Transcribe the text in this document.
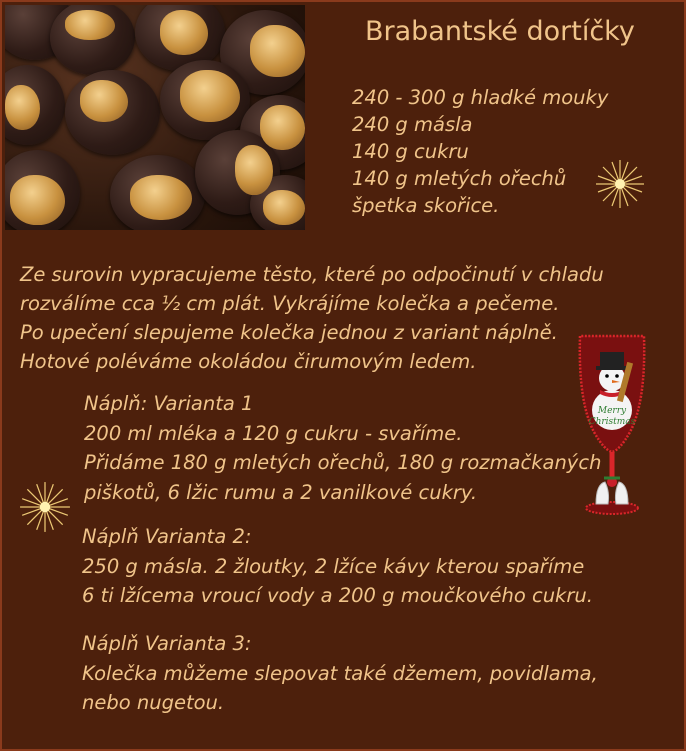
Brabantské dortíčky
240 - 300 g hladké mouky
240 g másla
140 g cukru
140 g mletých ořechů
špetka skořice.
Ze surovin vypracujeme těsto, které po odpočinutí v chladu
rozválíme cca ½ cm plát. Vykrájíme kolečka a pečeme.
Po upečení slepujeme kolečka jednou z variant náplně.
Hotové poléváme okoládou čirumovým ledem.
Náplň: Varianta 1
200 ml mléka a 120 g cukru - svaříme.
Přidáme 180 g mletých ořechů, 180 g rozmačkaných
piškotů, 6 lžic rumu a 2 vanilkové cukry.
Merry
Christmas
Náplň Varianta 2:
250 g másla. 2 žloutky, 2 lžíce kávy kterou spaříme
6 ti lžícema vroucí vody a 200 g moučkového cukru.
Náplň Varianta 3:
Kolečka můžeme slepovat také džemem, povidlama,
nebo nugetou.
